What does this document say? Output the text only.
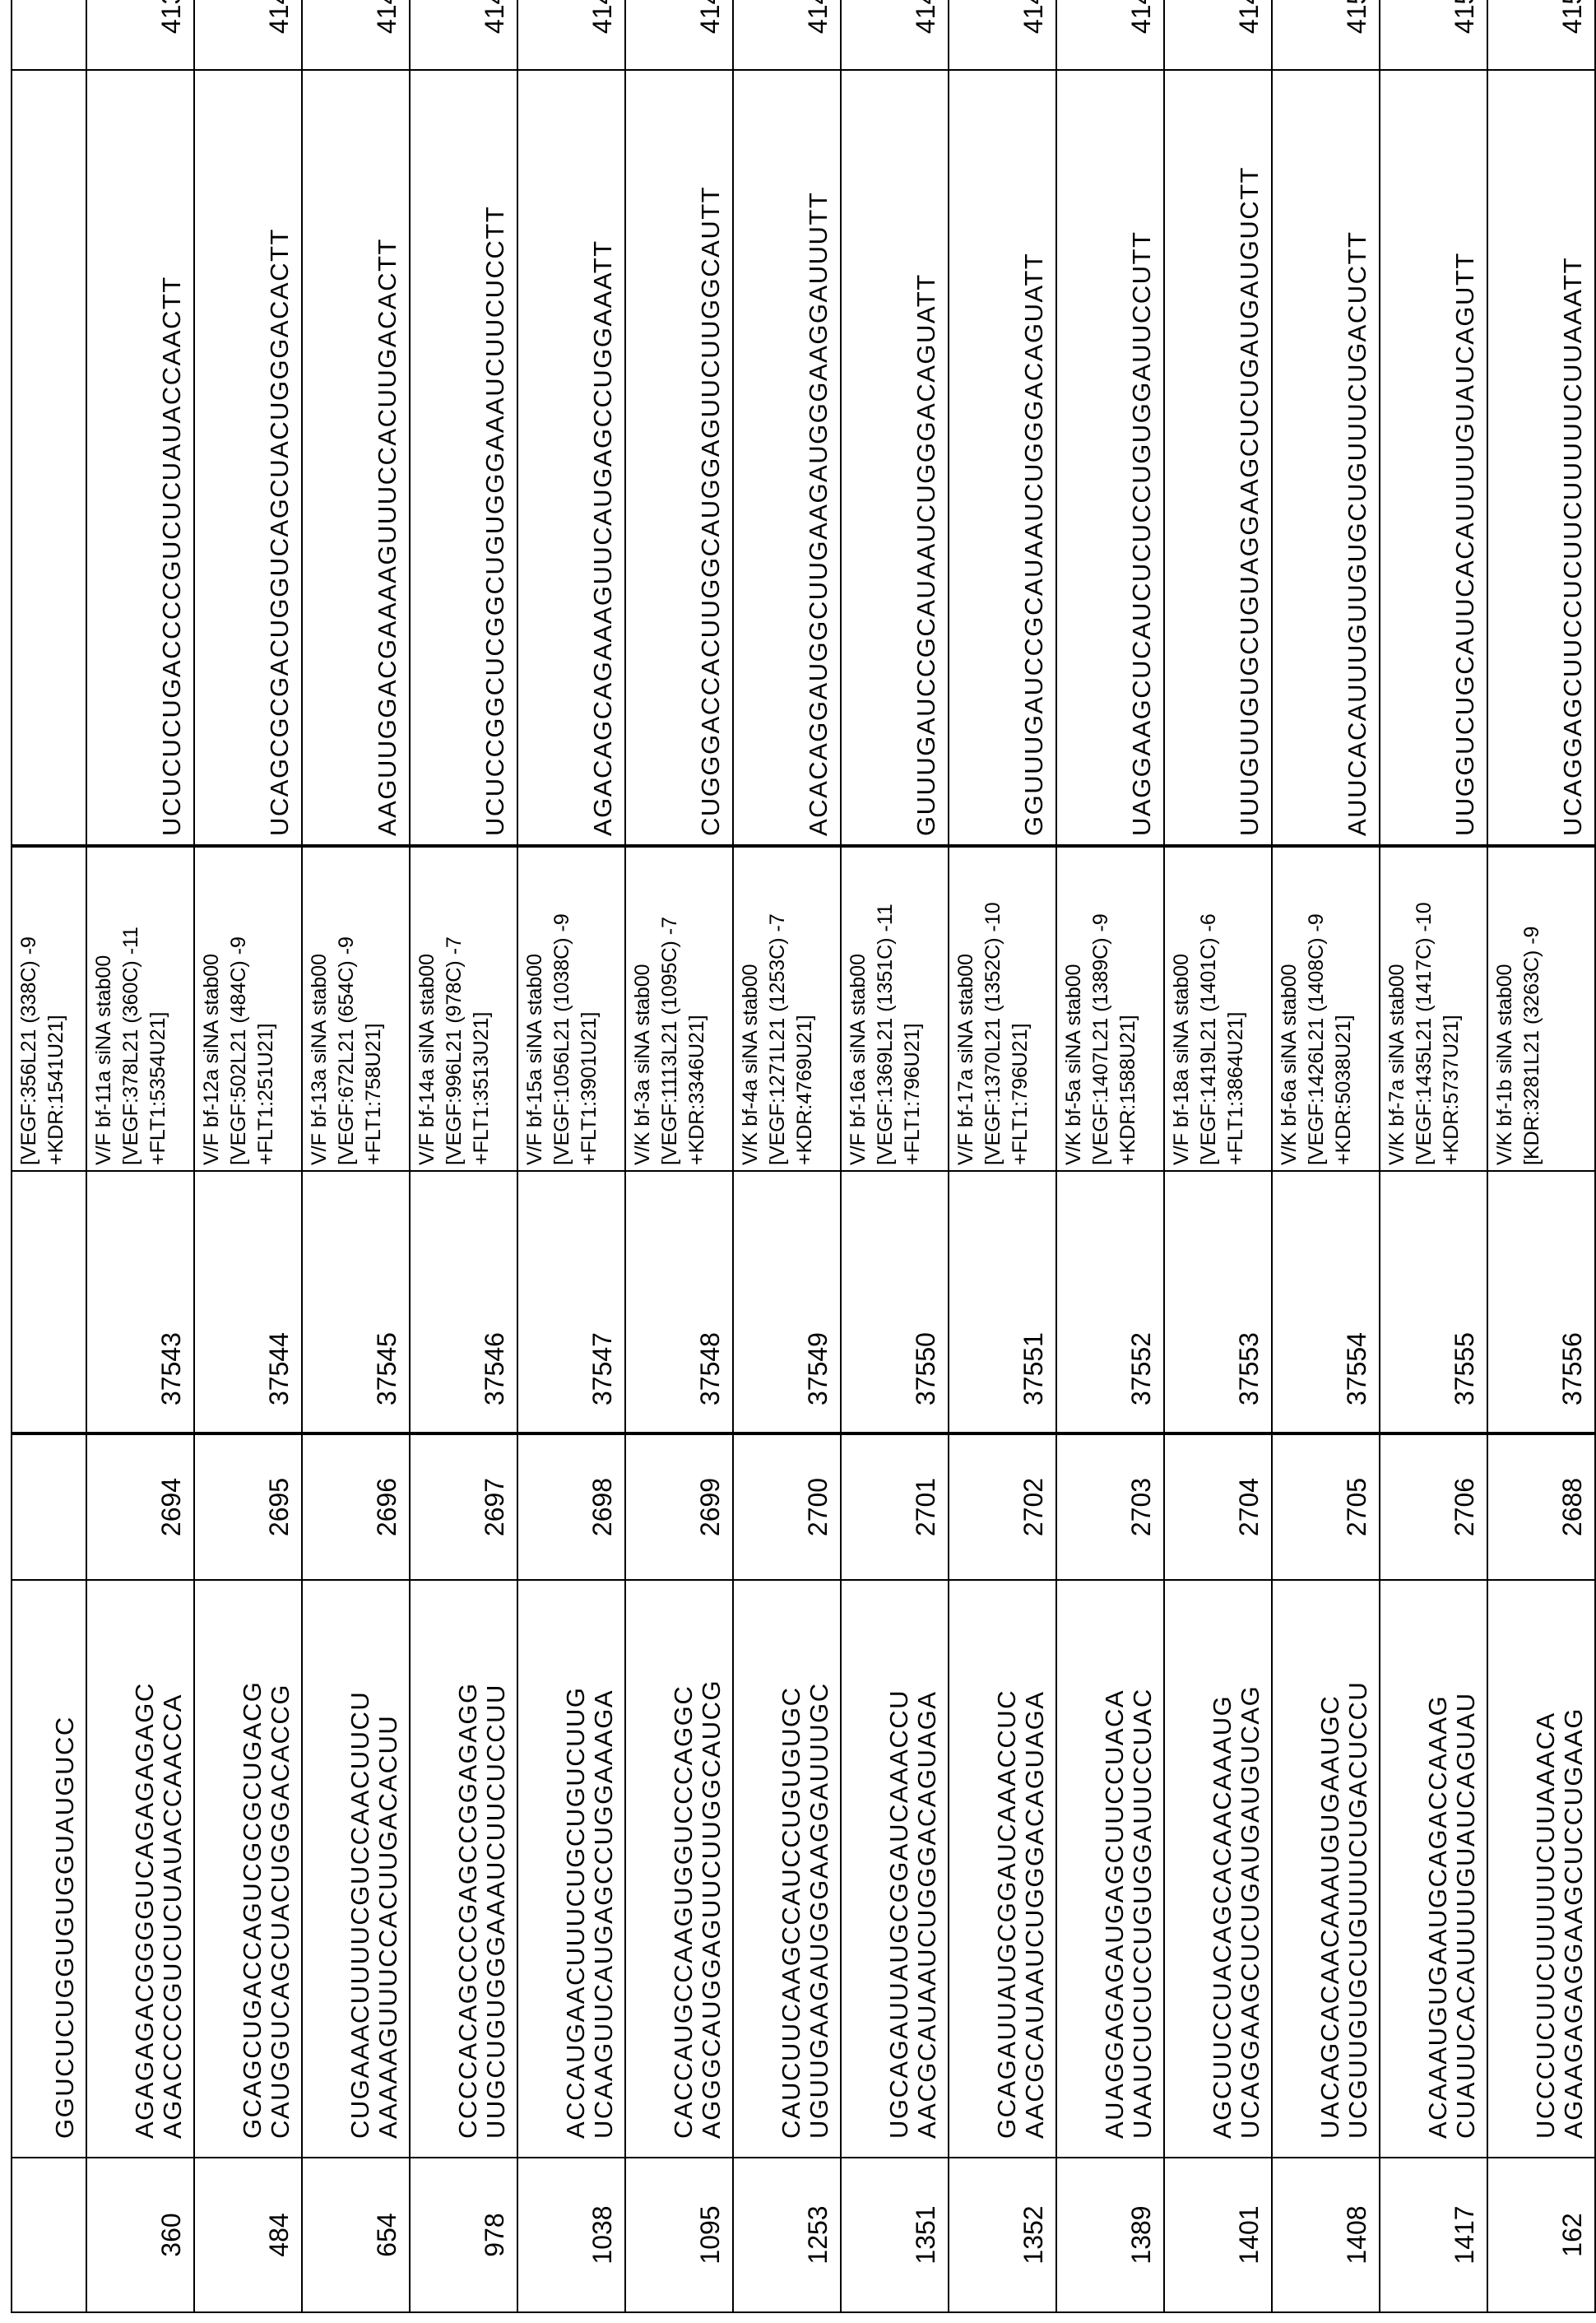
	GGUCUCUGGUGUGGUAUGUCC			[VEGF:356L21 (338C) -9
+KDR:1541U21]		
360	AGAGAGACGGGGUCAGAGAGAGC
AGACCCCGUCUCUAUACCAACCA	2694	37543	V/F bf-11a siNA stab00
[VEGF:378L21 (360C) -11
+FLT1:5354U21]	UCUCUCUGACCCCGUCUCUAUACCAACTT	4139
484	GCAGCUGACCAGUCGCGCUGACG
CAUGGUCAGCUACUGGGACACCG	2695	37544	V/F bf-12a siNA stab00
[VEGF:502L21 (484C) -9
+FLT1:251U21]	UCAGCGCGACUGGUCAGCUACUGGGACACTT	4140
654	CUGAAACUUUUCGUCCAACUUCU
AAAAAGUUUCCACUUGACACUU	2696	37545	V/F bf-13a siNA stab00
[VEGF:672L21 (654C) -9
+FLT1:758U21]	AAGUUGGACGAAAAGUUUCCACUUGACACTT	4141
978	CCCCACAGCCCGAGCCGGAGAGG
UUGCUGUGGGAAAUCUUCUCCUU	2697	37546	V/F bf-14a siNA stab00
[VEGF:996L21 (978C) -7
+FLT1:3513U21]	UCUCCGGCUCGGCUGUGGGAAAUCUUCUCCTT	4142
1038	ACCAUGAACUUUCUGCUGUCUUG
UCAAGUUCAUGAGCCUGGAAAGA	2698	37547	V/F bf-15a siNA stab00
[VEGF:1056L21 (1038C) -9
+FLT1:3901U21]	AGACAGCAGAAAGUUCAUGAGCCUGGAAATT	4143
1095	CACCAUGCCAAGUGGUCCCAGGC
AGGGCAUGGAGUUCUUGGCAUCG	2699	37548	V/K bf-3a siNA stab00
[VEGF:1113L21 (1095C) -7
+KDR:3346U21]	CUGGGACCACUUGGCAUGGAGUUCUUGGCAUTT	4144
1253	CAUCUUCAAGCCAUCCUGUGUGC
UGUUGAAGAUGGGAAGGAUUUGC	2700	37549	V/K bf-4a siNA stab00
[VEGF:1271L21 (1253C) -7
+KDR:4769U21]	ACACAGGAUGGCUUGAAGAUGGGAAGGAUUUTT	4145
1351	UGCAGAUUAUGCGGAUCAAACCU
AACGCAUAAUCUGGGACAGUAGA	2701	37550	V/F bf-16a siNA stab00
[VEGF:1369L21 (1351C) -11
+FLT1:796U21]	GUUUGAUCCGCAUAAUCUGGGACAGUATT	4146
1352	GCAGAUUAUGCGGAUCAAACCUC
AACGCAUAAUCUGGGACAGUAGA	2702	37551	V/F bf-17a siNA stab00
[VEGF:1370L21 (1352C) -10
+FLT1:796U21]	GGUUUGAUCCGCAUAAUCUGGGACAGUATT	4147
1389	AUAGGAGAGAUGAGCUUCCUACA
UAAUCUCUCCUGUGGAUUCCUAC	2703	37552	V/K bf-5a siNA stab00
[VEGF:1407L21 (1389C) -9
+KDR:1588U21]	UAGGAAGCUCAUCUCUCCUGUGGAUUCCUTT	4148
1401	AGCUUCCUACAGCACAACAAAUG
UCAGGAAGCUCUGAUGAUGUCAG	2704	37553	V/F bf-18a siNA stab00
[VEGF:1419L21 (1401C) -6
+FLT1:3864U21]	UUUGUUGUGCUGUAGGAAGCUCUGAUGAUGUCTT	4149
1408	UACAGCACAACAAAUGUGAAUGC
UCGUUGUGCUGUUUCUGACUCCU	2705	37554	V/K bf-6a siNA stab00
[VEGF:1426L21 (1408C) -9
+KDR:5038U21]	AUUCACAUUUGUUGUGCUGUUUCUGACUCTT	4150
1417	ACAAAUGUGAAUGCAGACCAAAG
CUAUUCACAUUUUGUAUCAGUAU	2706	37555	V/K bf-7a siNA stab00
[VEGF:1435L21 (1417C) -10
+KDR:5737U21]	UUGGUCUGCAUUCACAUUUUGUAUCAGUTT	4151
162	UCCCUCUUCUUUUUCUUAAACA
AGAAGAGAGGAAGCUCCUGAAG	2688	37556	V/K bf-1b siNA stab00
[KDR:3281L21 (3263C) -9	UCAGGAGCUUCCUCUUCUUUUUCUUAAATT	4152
